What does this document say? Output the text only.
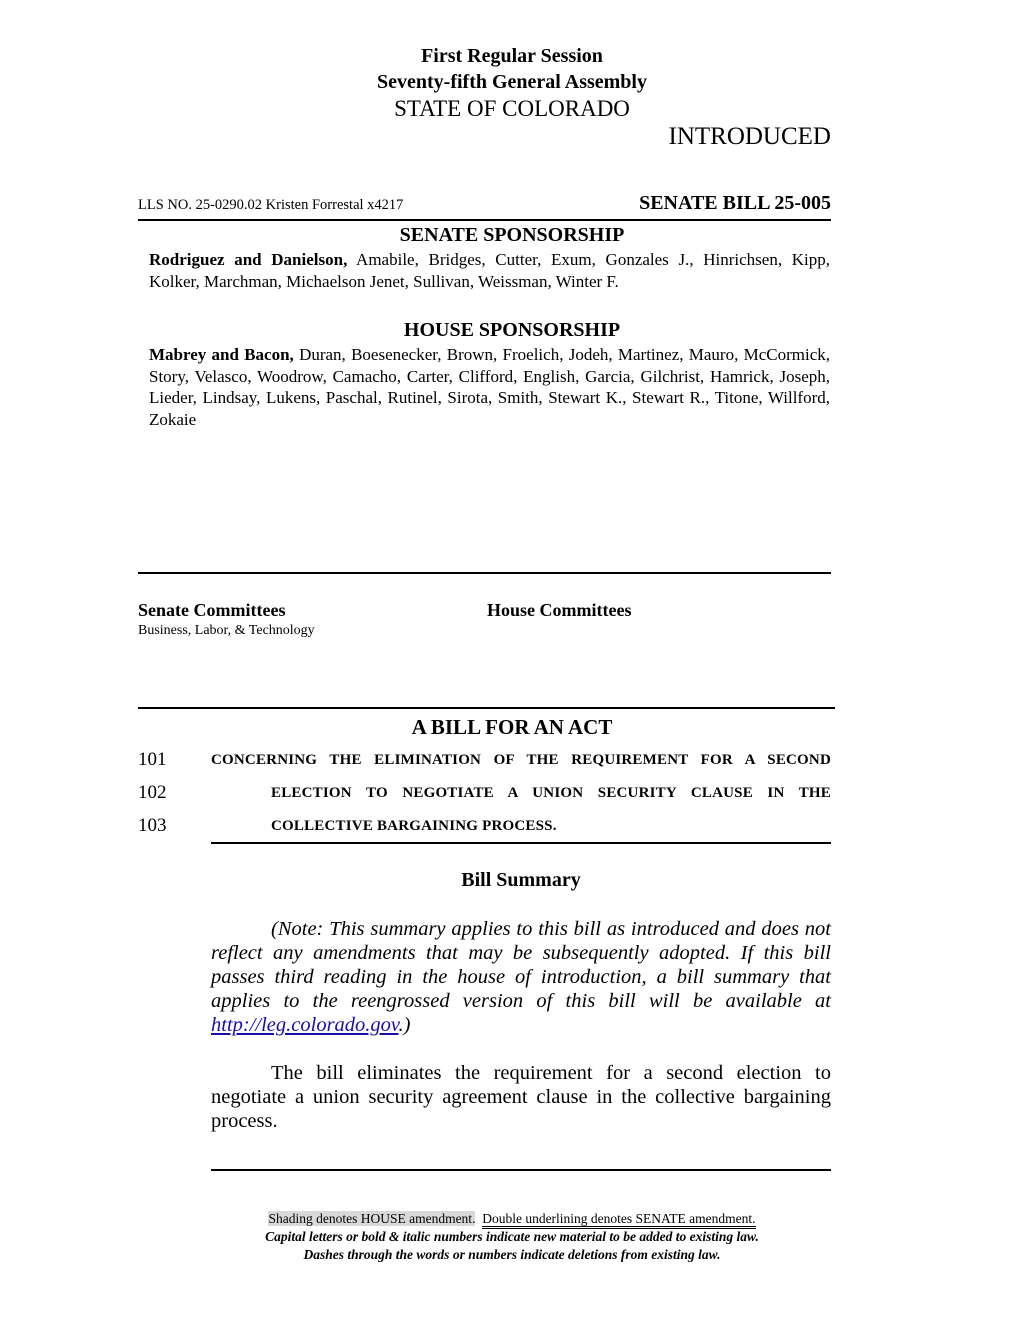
First Regular Session
Seventy-fifth General Assembly
STATE OF COLORADO
INTRODUCED
LLS NO. 25-0290.02 Kristen Forrestal x4217	SENATE BILL 25-005
SENATE SPONSORSHIP
Rodriguez and Danielson, Amabile, Bridges, Cutter, Exum, Gonzales J., Hinrichsen, Kipp, Kolker, Marchman, Michaelson Jenet, Sullivan, Weissman, Winter F.
HOUSE SPONSORSHIP
Mabrey and Bacon, Duran, Boesenecker, Brown, Froelich, Jodeh, Martinez, Mauro, McCormick, Story, Velasco, Woodrow, Camacho, Carter, Clifford, English, Garcia, Gilchrist, Hamrick, Joseph, Lieder, Lindsay, Lukens, Paschal, Rutinel, Sirota, Smith, Stewart K., Stewart R., Titone, Willford, Zokaie
Senate Committees
Business, Labor, & Technology
House Committees
A BILL FOR AN ACT
101	CONCERNING THE ELIMINATION OF THE REQUIREMENT FOR A SECOND
102	ELECTION TO NEGOTIATE A UNION SECURITY CLAUSE IN THE
103	COLLECTIVE BARGAINING PROCESS.
Bill Summary
(Note: This summary applies to this bill as introduced and does not reflect any amendments that may be subsequently adopted. If this bill passes third reading in the house of introduction, a bill summary that applies to the reengrossed version of this bill will be available at http://leg.colorado.gov.)
The bill eliminates the requirement for a second election to negotiate a union security agreement clause in the collective bargaining process.
Shading denotes HOUSE amendment. Double underlining denotes SENATE amendment.
Capital letters or bold & italic numbers indicate new material to be added to existing law.
Dashes through the words or numbers indicate deletions from existing law.
